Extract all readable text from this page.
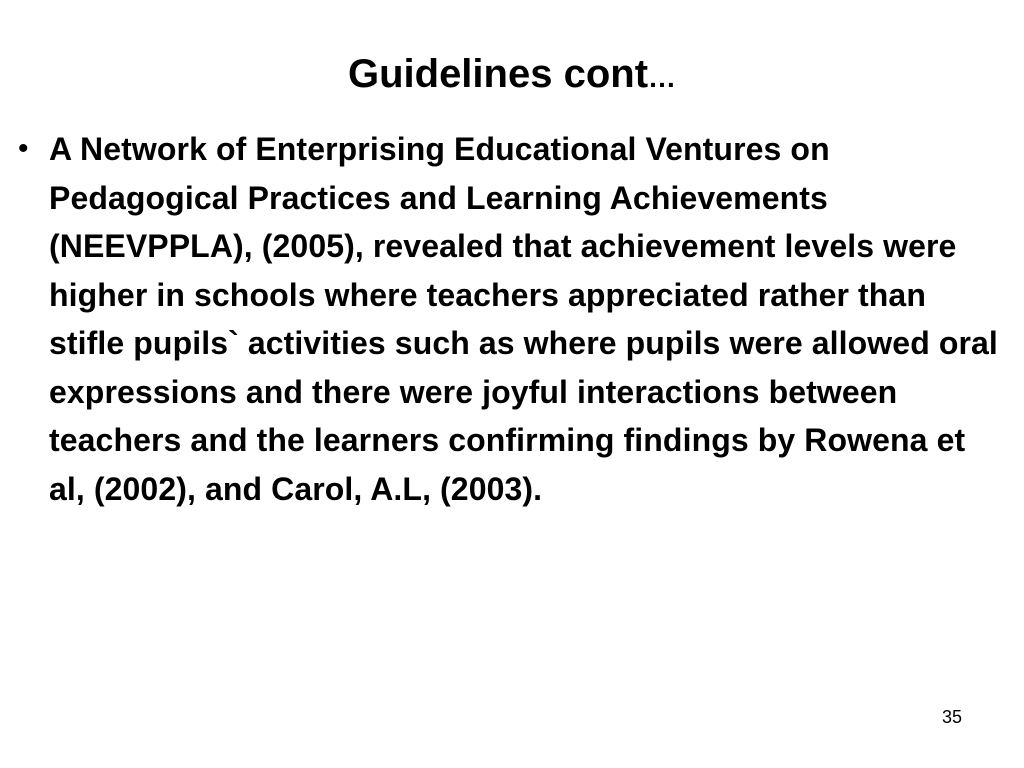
Guidelines cont…
• A Network of Enterprising Educational Ventures on Pedagogical Practices and Learning Achievements (NEEVPPLA), (2005), revealed that achievement levels were higher in schools where teachers appreciated rather than stifle pupils` activities such as where pupils were allowed oral expressions and there were joyful interactions between teachers and the learners confirming findings by Rowena et al, (2002), and Carol, A.L, (2003).
35
